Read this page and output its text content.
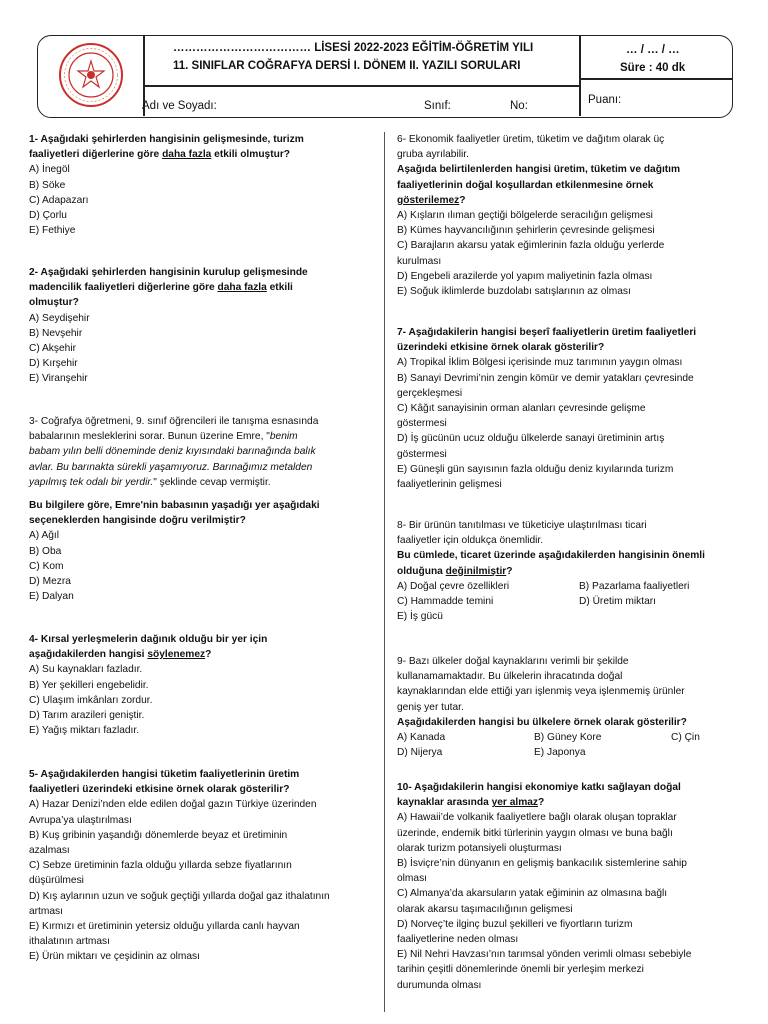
……………………………… LİSESİ 2022-2023 EĞİTİM-ÖĞRETİM YILI
11. SINIFLAR COĞRAFYA DERSİ I. DÖNEM II. YAZILI SORULARI
… / … / …
Süre : 40 dk
Adı ve Soyadı:	Sınıf:	No:	Puanı:

1- Aşağıdaki şehirlerden hangisinin gelişmesinde, turizm

faaliyetleri diğerlerine göre daha fazla etkili olmuştur?

A) İnegöl

B) Söke

C) Adapazarı

D) Çorlu

E) Fethiye

2- Aşağıdaki şehirlerden hangisinin kurulup gelişmesinde

madencilik faaliyetleri diğerlerine göre daha fazla etkili

olmuştur?

A) Seydişehir

B) Nevşehir

C) Akşehir

D) Kırşehir

E) Viranşehir

3- Coğrafya öğretmeni, 9. sınıf öğrencileri ile tanışma esnasında

babalarının mesleklerini sorar. Bunun üzerine Emre, "benim

babam yılın belli döneminde deniz kıyısındaki barınağında balık

avlar. Bu barınakta sürekli yaşamıyoruz. Barınağımız metalden

yapılmış tek odalı bir yerdir." şeklinde cevap vermiştir.

Bu bilgilere göre, Emre'nin babasının yaşadığı yer aşağıdaki

seçeneklerden hangisinde doğru verilmiştir?

A) Ağıl

B) Oba

C) Kom

D) Mezra

E) Dalyan

4- Kırsal yerleşmelerin dağınık olduğu bir yer için

aşağıdakilerden hangisi söylenemez?

A) Su kaynakları fazladır.

B) Yer şekilleri engebelidir.

C) Ulaşım imkânları zordur.

D) Tarım arazileri geniştir.

E) Yağış miktarı fazladır.

5- Aşağıdakilerden hangisi tüketim faaliyetlerinin üretim

faaliyetleri üzerindeki etkisine örnek olarak gösterilir?

A) Hazar Denizi’nden elde edilen doğal gazın Türkiye üzerinden

Avrupa’ya ulaştırılması

B) Kuş gribinin yaşandığı dönemlerde beyaz et üretiminin

azalması

C) Sebze üretiminin fazla olduğu yıllarda sebze fiyatlarının

düşürülmesi

D) Kış aylarının uzun ve soğuk geçtiği yıllarda doğal gaz ithalatının

artması

E) Kırmızı et üretiminin yetersiz olduğu yıllarda canlı hayvan

ithalatının artması

E) Ürün miktarı ve çeşidinin az olması

6- Ekonomik faaliyetler üretim, tüketim ve dağıtım olarak üç

gruba ayrılabilir.

Aşağıda belirtilenlerden hangisi üretim, tüketim ve dağıtım

faaliyetlerinin doğal koşullardan etkilenmesine örnek

gösterilemez?

A) Kışların ılıman geçtiği bölgelerde seracılığın gelişmesi

B) Kümes hayvancılığının şehirlerin çevresinde gelişmesi

C) Barajların akarsu yatak eğimlerinin fazla olduğu yerlerde

kurulması

D) Engebeli arazilerde yol yapım maliyetinin fazla olması

E) Soğuk iklimlerde buzdolabı satışlarının az olması

7- Aşağıdakilerin hangisi beşerî faaliyetlerin üretim faaliyetleri

üzerindeki etkisine örnek olarak gösterilir?

A) Tropikal İklim Bölgesi içerisinde muz tarımının yaygın olması

B) Sanayi Devrimi’nin zengin kömür ve demir yatakları çevresinde

gerçekleşmesi

C) Kâğıt sanayisinin orman alanları çevresinde gelişme

göstermesi

D) İş gücünün ucuz olduğu ülkelerde sanayi üretiminin artış

göstermesi

E) Güneşli gün sayısının fazla olduğu deniz kıyılarında turizm

faaliyetlerinin gelişmesi

8- Bir ürünün tanıtılması ve tüketiciye ulaştırılması ticari

faaliyetler için oldukça önemlidir.

Bu cümlede, ticaret üzerinde aşağıdakilerden hangisinin önemli

olduğuna değinilmiştir?

A) Doğal çevre özellikleri	B) Pazarlama faaliyetleri
C) Hammadde temini	D) Üretim miktarı

E) İş gücü

9- Bazı ülkeler doğal kaynaklarını verimli bir şekilde

kullanamamaktadır. Bu ülkelerin ihracatında doğal

kaynaklarından elde ettiği yarı işlenmiş veya işlenmemiş ürünler

geniş yer tutar.

Aşağıdakilerden hangisi bu ülkelere örnek olarak gösterilir?

A) Kanada	B) Güney Kore	C) Çin
D) Nijerya	E) Japonya

10- Aşağıdakilerin hangisi ekonomiye katkı sağlayan doğal

kaynaklar arasında yer almaz?

A) Hawaii’de volkanik faaliyetlere bağlı olarak oluşan topraklar

üzerinde, endemik bitki türlerinin yaygın olması ve buna bağlı

olarak turizm potansiyeli oluşturması

B) İsviçre’nin dünyanın en gelişmiş bankacılık sistemlerine sahip

olması

C) Almanya’da akarsuların yatak eğiminin az olmasına bağlı

olarak akarsu taşımacılığının gelişmesi

D) Norveç’te ilginç buzul şekilleri ve fiyortların turizm

faaliyetlerine neden olması

E) Nil Nehri Havzası’nın tarımsal yönden verimli olması sebebiyle

tarihin çeşitli dönemlerinde önemli bir yerleşim merkezi

durumunda olması
